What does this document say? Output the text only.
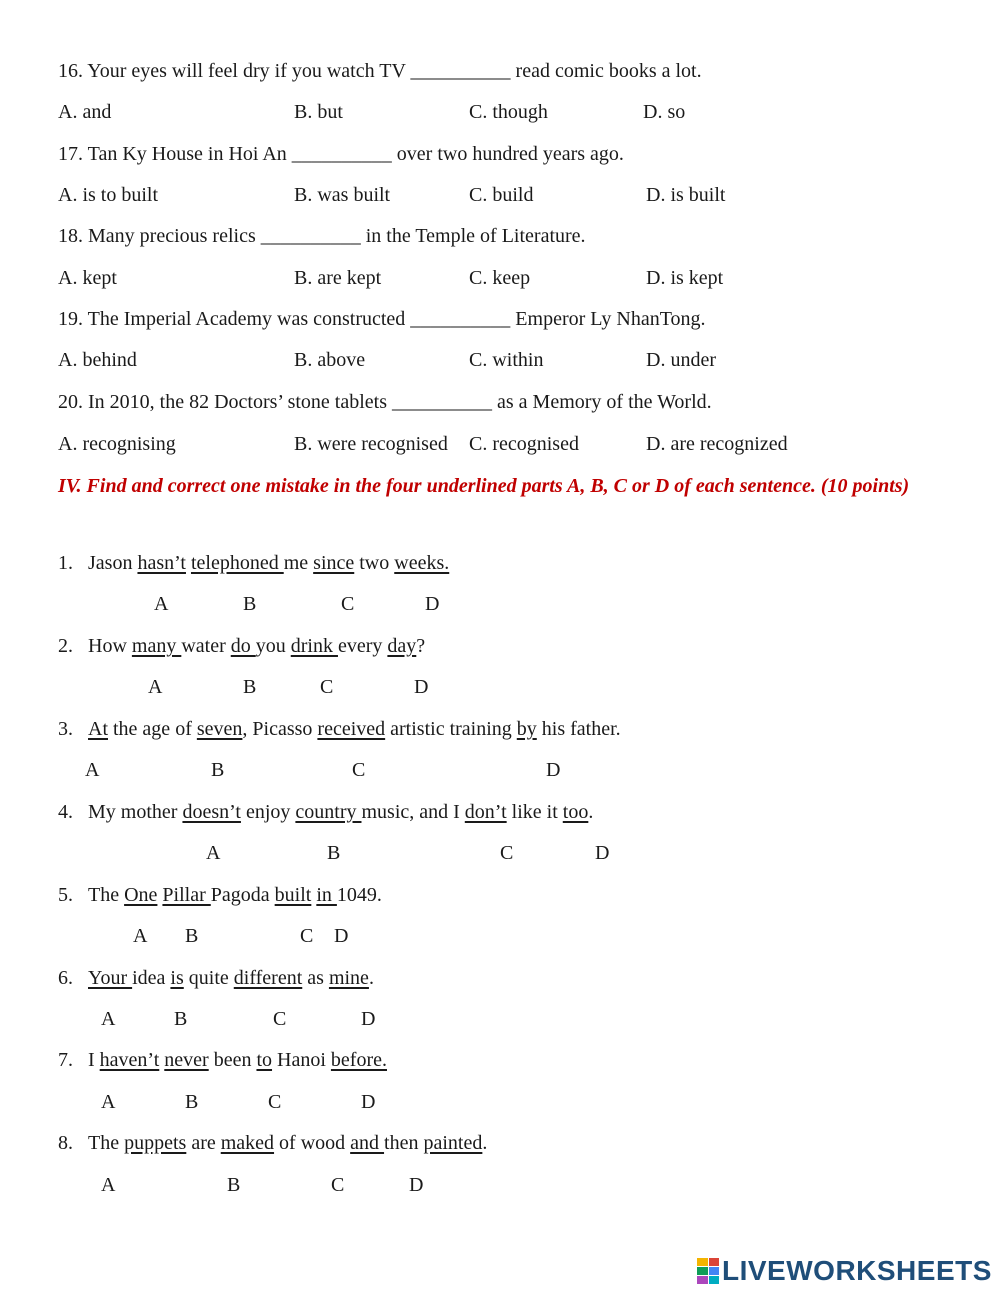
16. Your eyes will feel dry if you watch TV __________ read comic books a lot.
A. and	B. but	C. though	D. so
17. Tan Ky House in Hoi An __________ over two hundred years ago.
A. is to built	B. was built	C. build	D. is built
18. Many precious relics __________ in the Temple of Literature.
A. kept	B. are kept	C. keep	D. is kept
19. The Imperial Academy was constructed __________ Emperor Ly NhanTong.
A. behind	B. above	C. within	D. under
20. In 2010, the 82 Doctors’ stone tablets __________ as a Memory of the World.
A. recognising	B. were recognised C. recognised	D. are recognized
IV. Find and correct one mistake in the four underlined parts A, B, C or D of each sentence. (10 points)
1. Jason hasn’t telephoned me since two weeks.
A	B	C	D
2. How many water do you drink every day?
A	B	C	D
3. At the age of seven, Picasso received artistic training by his father.
A	B	C	D
4. My mother doesn’t enjoy country music, and I don’t like it too.
A	B	C	D
5. The One Pillar Pagoda built in 1049.
A B	C D
6. Your idea is quite different as mine.
A	B	C	D
7. I haven’t never been to Hanoi before.
A	B	C	D
8. The puppets are maked of wood and then painted.
A	B	C	D
LIVEWORKSHEETS
